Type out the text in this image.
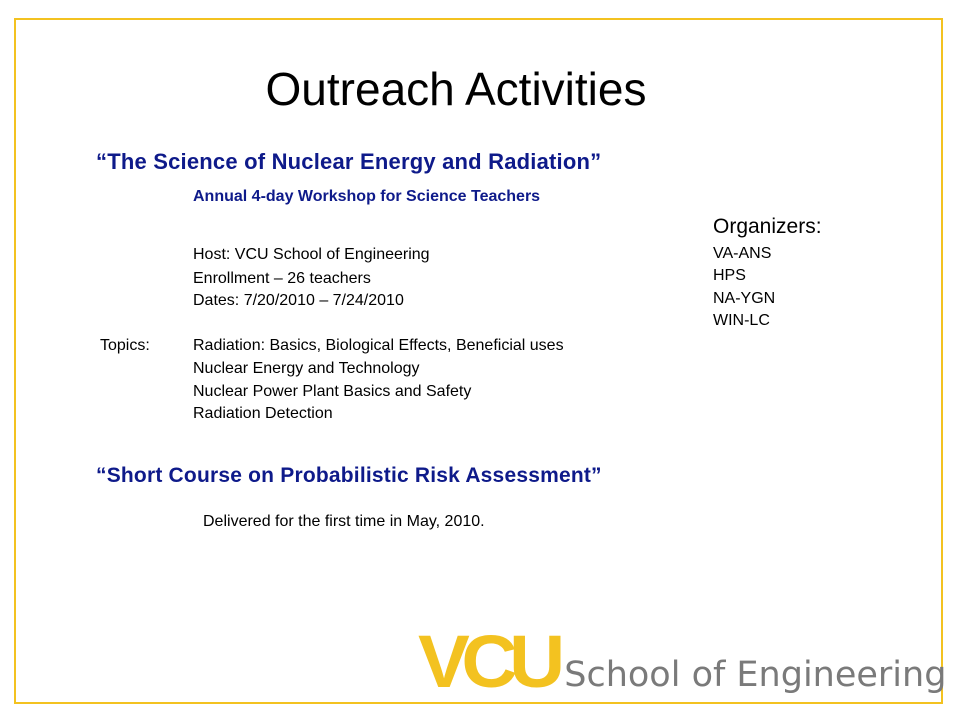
Outreach Activities
“The Science of Nuclear Energy and Radiation”
Annual 4-day Workshop for Science Teachers
Host: VCU School of Engineering
Enrollment – 26 teachers
Dates: 7/20/2010 – 7/24/2010
Topics:	Radiation: Basics, Biological Effects, Beneficial uses
Nuclear Energy and Technology
Nuclear Power Plant Basics and Safety
Radiation Detection
Organizers:
VA-ANS
HPS
NA-YGN
WIN-LC
“Short Course on Probabilistic Risk Assessment”
Delivered for the first time in May, 2010.
VCU School of Engineering
